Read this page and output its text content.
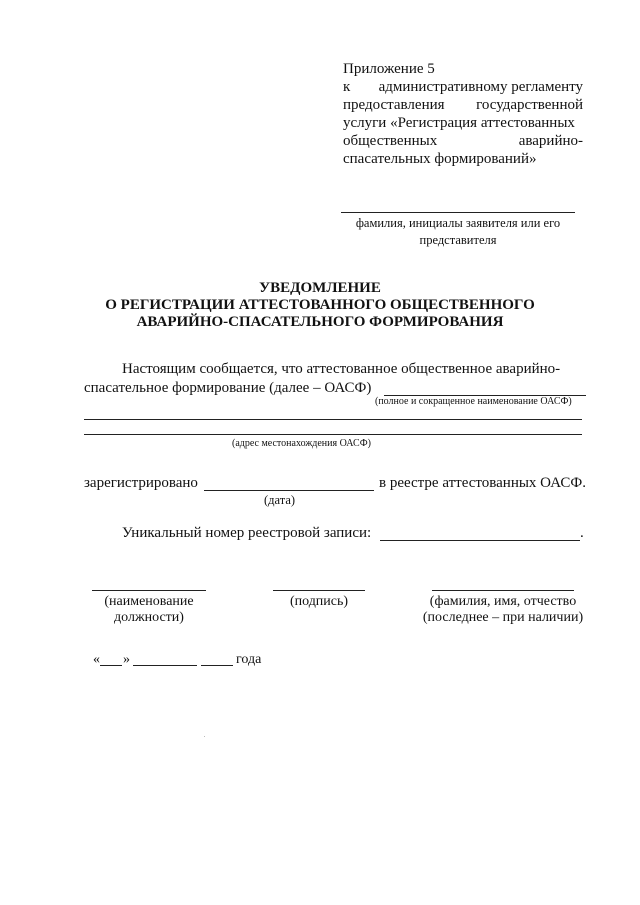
Приложение 5
к административному регламенту
предоставления государственной
услуги «Регистрация аттестованных
общественных	аварийно-
спасательных формирований»
фамилия, инициалы заявителя или его
представителя
УВЕДОМЛЕНИЕ
О РЕГИСТРАЦИИ АТТЕСТОВАННОГО ОБЩЕСТВЕННОГО
АВАРИЙНО-СПАСАТЕЛЬНОГО ФОРМИРОВАНИЯ
Настоящим сообщается, что аттестованное общественное аварийно-
спасательное формирование (далее – ОАСФ)
(полное и сокращенное наименование ОАСФ)
(адрес местонахождения ОАСФ)
зарегистрировано	в реестре аттестованных ОАСФ.
(дата)
Уникальный номер реестровой записи:	.
(наименование
должности)
(подпись)	(фамилия, имя, отчество
(последнее – при наличии)
« »	года
